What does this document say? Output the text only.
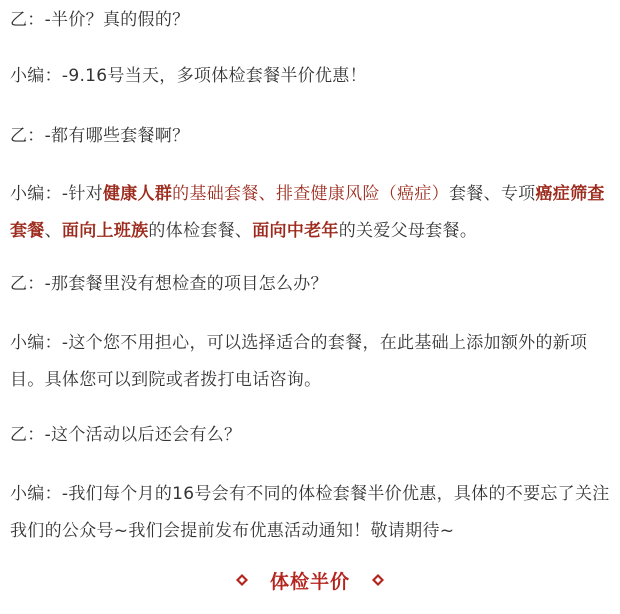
乙：-半价？真的假的？

小编：-9.16号当天，多项体检套餐半价优惠！

乙：-都有哪些套餐啊？

小编：-针对健康人群的基础套餐、排查健康风险（癌症）套餐、专项癌症筛查套餐、面向上班族的体检套餐、面向中老年的关爱父母套餐。

乙：-那套餐里没有想检查的项目怎么办？

小编：-这个您不用担心，可以选择适合的套餐，在此基础上添加额外的新项目。具体您可以到院或者拨打电话咨询。

乙：-这个活动以后还会有么？

小编：-我们每个月的16号会有不同的体检套餐半价优惠，具体的不要忘了关注我们的公众号~我们会提前发布优惠活动通知！敬请期待~

体检半价
